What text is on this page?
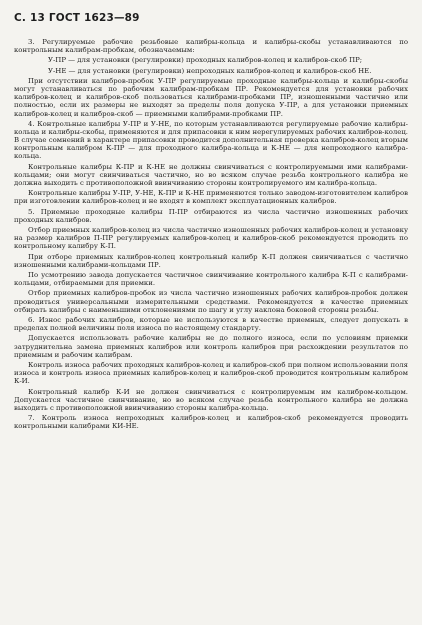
С. 13 ГОСТ 1623—89

3. Регулируемые рабочие резьбовые калибры-кольца и калибры-скобы устанавливаются по контрольным калибрам-пробкам, обозначаемым:

У-ПР — для установки (регулировки) проходных калибров-колец и калибров-скоб ПР;

У-НЕ — для установки (регулировки) непроходных калибров-колец и калибров-скоб НЕ.

При отсутствии калибров-пробок У-ПР регулируемые проходные калибры-кольца и калибры-скобы могут устанавливаться по рабочим калибрам-пробкам ПР. Рекомендуется для установки рабочих калибров-колец и калибров-скоб пользоваться калибрами-пробками ПР, изношенными частично или полностью, если их размеры не выходят за пределы поля допуска У-ПР, а для установки приемных калибров-колец и калибров-скоб — приемными калибрами-пробками ПР.

4. Контрольные калибры У-ПР и У-НЕ, по которым устанавливаются регулируемые рабочие калибры-кольца и калибры-скобы, применяются и для припасовки к ним нерегулируемых рабочих калибров-колец. В случае сомнений в характере припасовки проводится дополнительная проверка калибров-колец вторым контрольным калибром К-ПР — для проходного калибра-кольца и К-НЕ — для непроходного калибра-кольца.

Контрольные калибры К-ПР и К-НЕ не должны свинчиваться с контролируемыми ими калибрами-кольцами; они могут свинчиваться частично, но во всяком случае резьба контрольного калибра не должна выходить с противоположной ввинчиванию стороны контролируемого им калибра-кольца.

Контрольные калибры У-ПР, У-НЕ, К-ПР и К-НЕ применяются только заводом-изготовителем калибров при изготовлении калибров-колец и не входят в комплект эксплуатационных калибров.

5. Приемные проходные калибры П-ПР отбираются из числа частично изношенных рабочих проходных калибров.

Отбор приемных калибров-колец из числа частично изношенных рабочих калибров-колец и установку на размер калибров П-ПР регулируемых калибров-колец и калибров-скоб рекомендуется проводить по контрольному калибру К-П.

При отборе приемных калибров-колец контрольный калибр К-П должен свинчиваться с частично изношенными калибрами-кольцами ПР.

По усмотрению завода допускается частичное свинчивание контрольного калибра К-П с калибрами-кольцами, отбираемыми для приемки.

Отбор приемных калибров-пробок из числа частично изношенных рабочих калибров-пробок должен проводиться универсальными измерительными средствами. Рекомендуется в качестве приемных отбирать калибры с наименьшими отклонениями по шагу и углу наклона боковой стороны резьбы.

6. Износ рабочих калибров, которые не используются в качестве приемных, следует допускать в пределах полной величины поля износа по настоящему стандарту.

Допускается использовать рабочие калибры не до полного износа, если по условиям приемки затруднительна замена приемных калибров или контроль калибров при расхождении результатов по приемным и рабочим калибрам.

Контроль износа рабочих проходных калибров-колец и калибров-скоб при полном использовании поля износа и контроль износа приемных калибров-колец и калибров-скоб проводится контрольным калибром К-И.

Контрольный калибр К-И не должен свинчиваться с контролируемым им калибром-кольцом. Допускается частичное свинчивание, но во всяком случае резьба контрольного калибра не должна выходить с противоположной ввинчиванию стороны калибра-кольца.

7. Контроль износа непроходных калибров-колец и калибров-скоб рекомендуется проводить контрольными калибрами КИ-НЕ.
